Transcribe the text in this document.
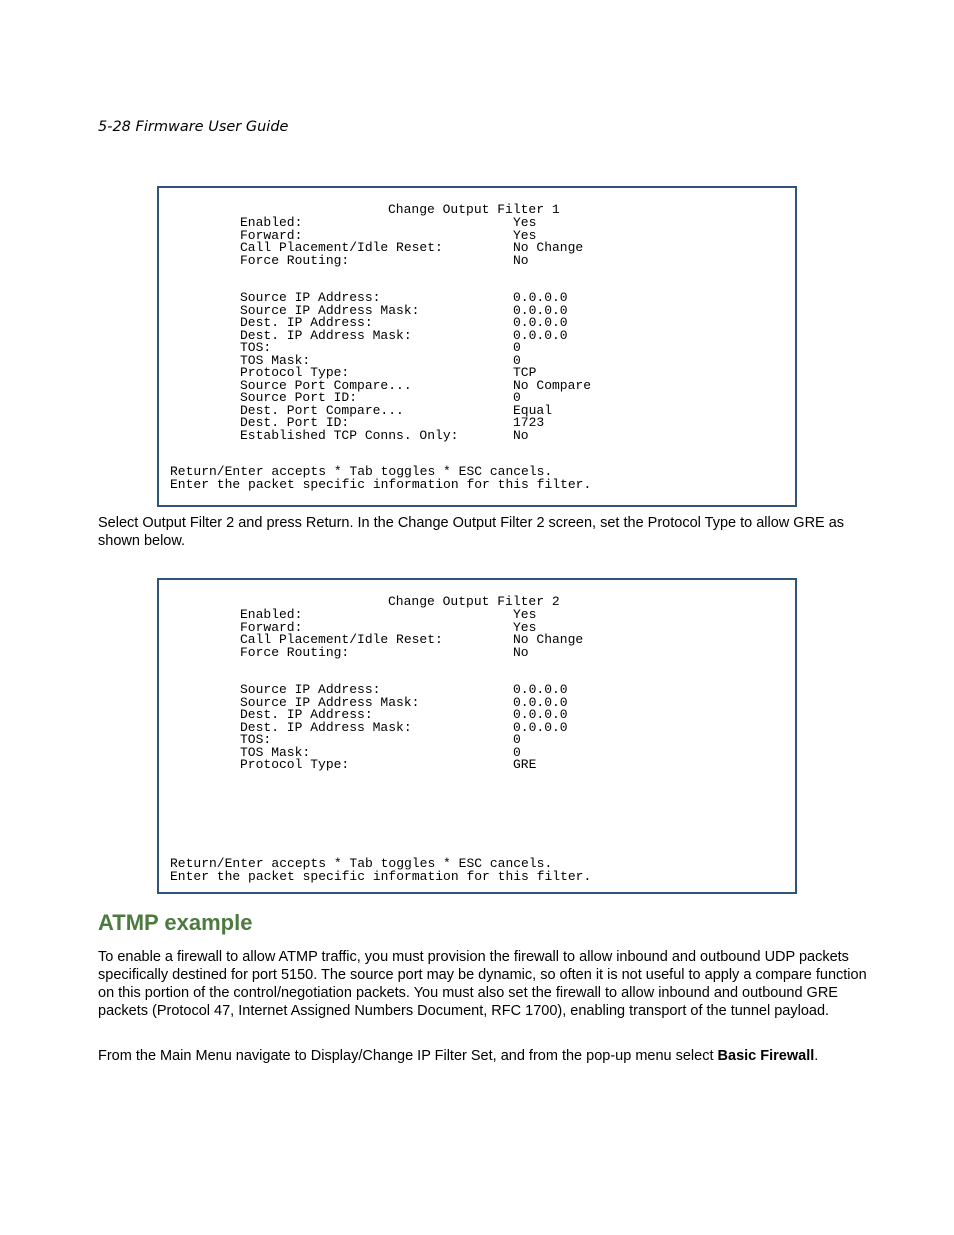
5-28 Firmware User Guide
Change Output Filter 1
Enabled:	Yes
Forward:	Yes
Call Placement/Idle Reset:	No Change
Force Routing:	No
Source IP Address:	0.0.0.0
Source IP Address Mask:	0.0.0.0
Dest. IP Address:	0.0.0.0
Dest. IP Address Mask:	0.0.0.0
TOS:	0
TOS Mask:	0
Protocol Type:	TCP
Source Port Compare...	No Compare
Source Port ID:	0
Dest. Port Compare...	Equal
Dest. Port ID:	1723
Established TCP Conns. Only:	No
Return/Enter accepts * Tab toggles * ESC cancels.
Enter the packet specific information for this filter.

Select Output Filter 2 and press Return. In the Change Output Filter 2 screen, set the Protocol Type to allow GRE as shown below.

Change Output Filter 2
Enabled:	Yes
Forward:	Yes
Call Placement/Idle Reset:	No Change
Force Routing:	No
Source IP Address:	0.0.0.0
Source IP Address Mask:	0.0.0.0
Dest. IP Address:	0.0.0.0
Dest. IP Address Mask:	0.0.0.0
TOS:	0
TOS Mask:	0
Protocol Type:	GRE
Return/Enter accepts * Tab toggles * ESC cancels.
Enter the packet specific information for this filter.
ATMP example

To enable a firewall to allow ATMP traffic, you must provision the firewall to allow inbound and outbound UDP packets specifically destined for port 5150. The source port may be dynamic, so often it is not useful to apply a compare function on this portion of the control/negotiation packets. You must also set the firewall to allow inbound and outbound GRE packets (Protocol 47, Internet Assigned Numbers Document, RFC 1700), enabling transport of the tunnel payload.

From the Main Menu navigate to Display/Change IP Filter Set, and from the pop-up menu select Basic Firewall.
